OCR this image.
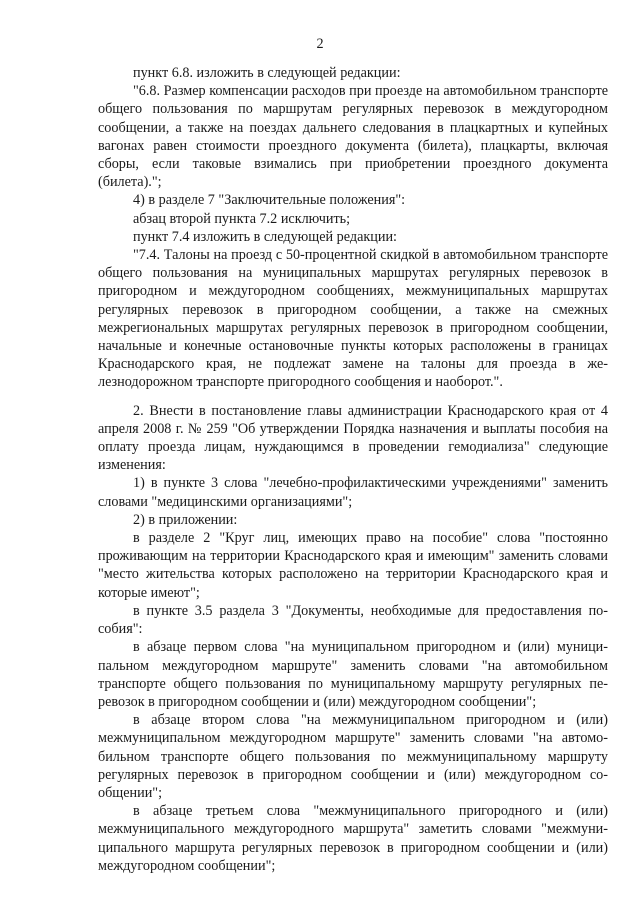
2

пункт 6.8. изложить в следующей редакции:

"6.8. Размер компенсации расходов при проезде на автомобильном транспорте общего пользования по маршрутам регулярных перевозок в междугородном сообщении, а также на поездах дальнего следования в плацкартных и купейных вагонах равен стоимости проездного документа (билета), плацкарты, включая сборы, если таковые взимались при приобретении проездного документа (билета).";

4) в разделе 7 "Заключительные положения":

абзац второй пункта 7.2 исключить;

пункт 7.4 изложить в следующей редакции:

"7.4. Талоны на проезд с 50-процентной скидкой в автомобильном транспорте общего пользования на муниципальных маршрутах регулярных перевозок в пригородном и междугородном сообщениях, межмуниципальных маршрутах регулярных перевозок в пригородном сообщении, а также на смежных межрегиональных маршрутах регулярных перевозок в пригородном сообщении, начальные и конечные остановочные пункты которых расположены в границах Краснодарского края, не подлежат замене на талоны для проезда в железнодорожном транспорте пригородного сообщения и наоборот.".

2. Внести в постановление главы администрации Краснодарского края от 4 апреля 2008 г. № 259 "Об утверждении Порядка назначения и выплаты пособия на оплату проезда лицам, нуждающимся в проведении гемодиализа" следующие изменения:

1) в пункте 3 слова "лечебно-профилактическими учреждениями" заменить словами "медицинскими организациями";

2) в приложении:

в разделе 2 "Круг лиц, имеющих право на пособие" слова "постоянно проживающим на территории Краснодарского края и имеющим" заменить словами "место жительства которых расположено на территории Краснодарского края и которые имеют";

в пункте 3.5 раздела 3 "Документы, необходимые для предоставления пособия":

в абзаце первом слова "на муниципальном пригородном и (или) муниципальном междугородном маршруте" заменить словами "на автомобильном транспорте общего пользования по муниципальному маршруту регулярных перевозок в пригородном сообщении и (или) междугородном сообщении";

в абзаце втором слова "на межмуниципальном пригородном и (или) межмуниципальном междугородном маршруте" заменить словами "на автомобильном транспорте общего пользования по межмуниципальному маршруту регулярных перевозок в пригородном сообщении и (или) междугородном сообщении";

в абзаце третьем слова "межмуниципального пригородного и (или) межмуниципального междугородного маршрута" заметить словами "межмуниципального маршрута регулярных перевозок в пригородном сообщении и (или) междугородном сообщении";
